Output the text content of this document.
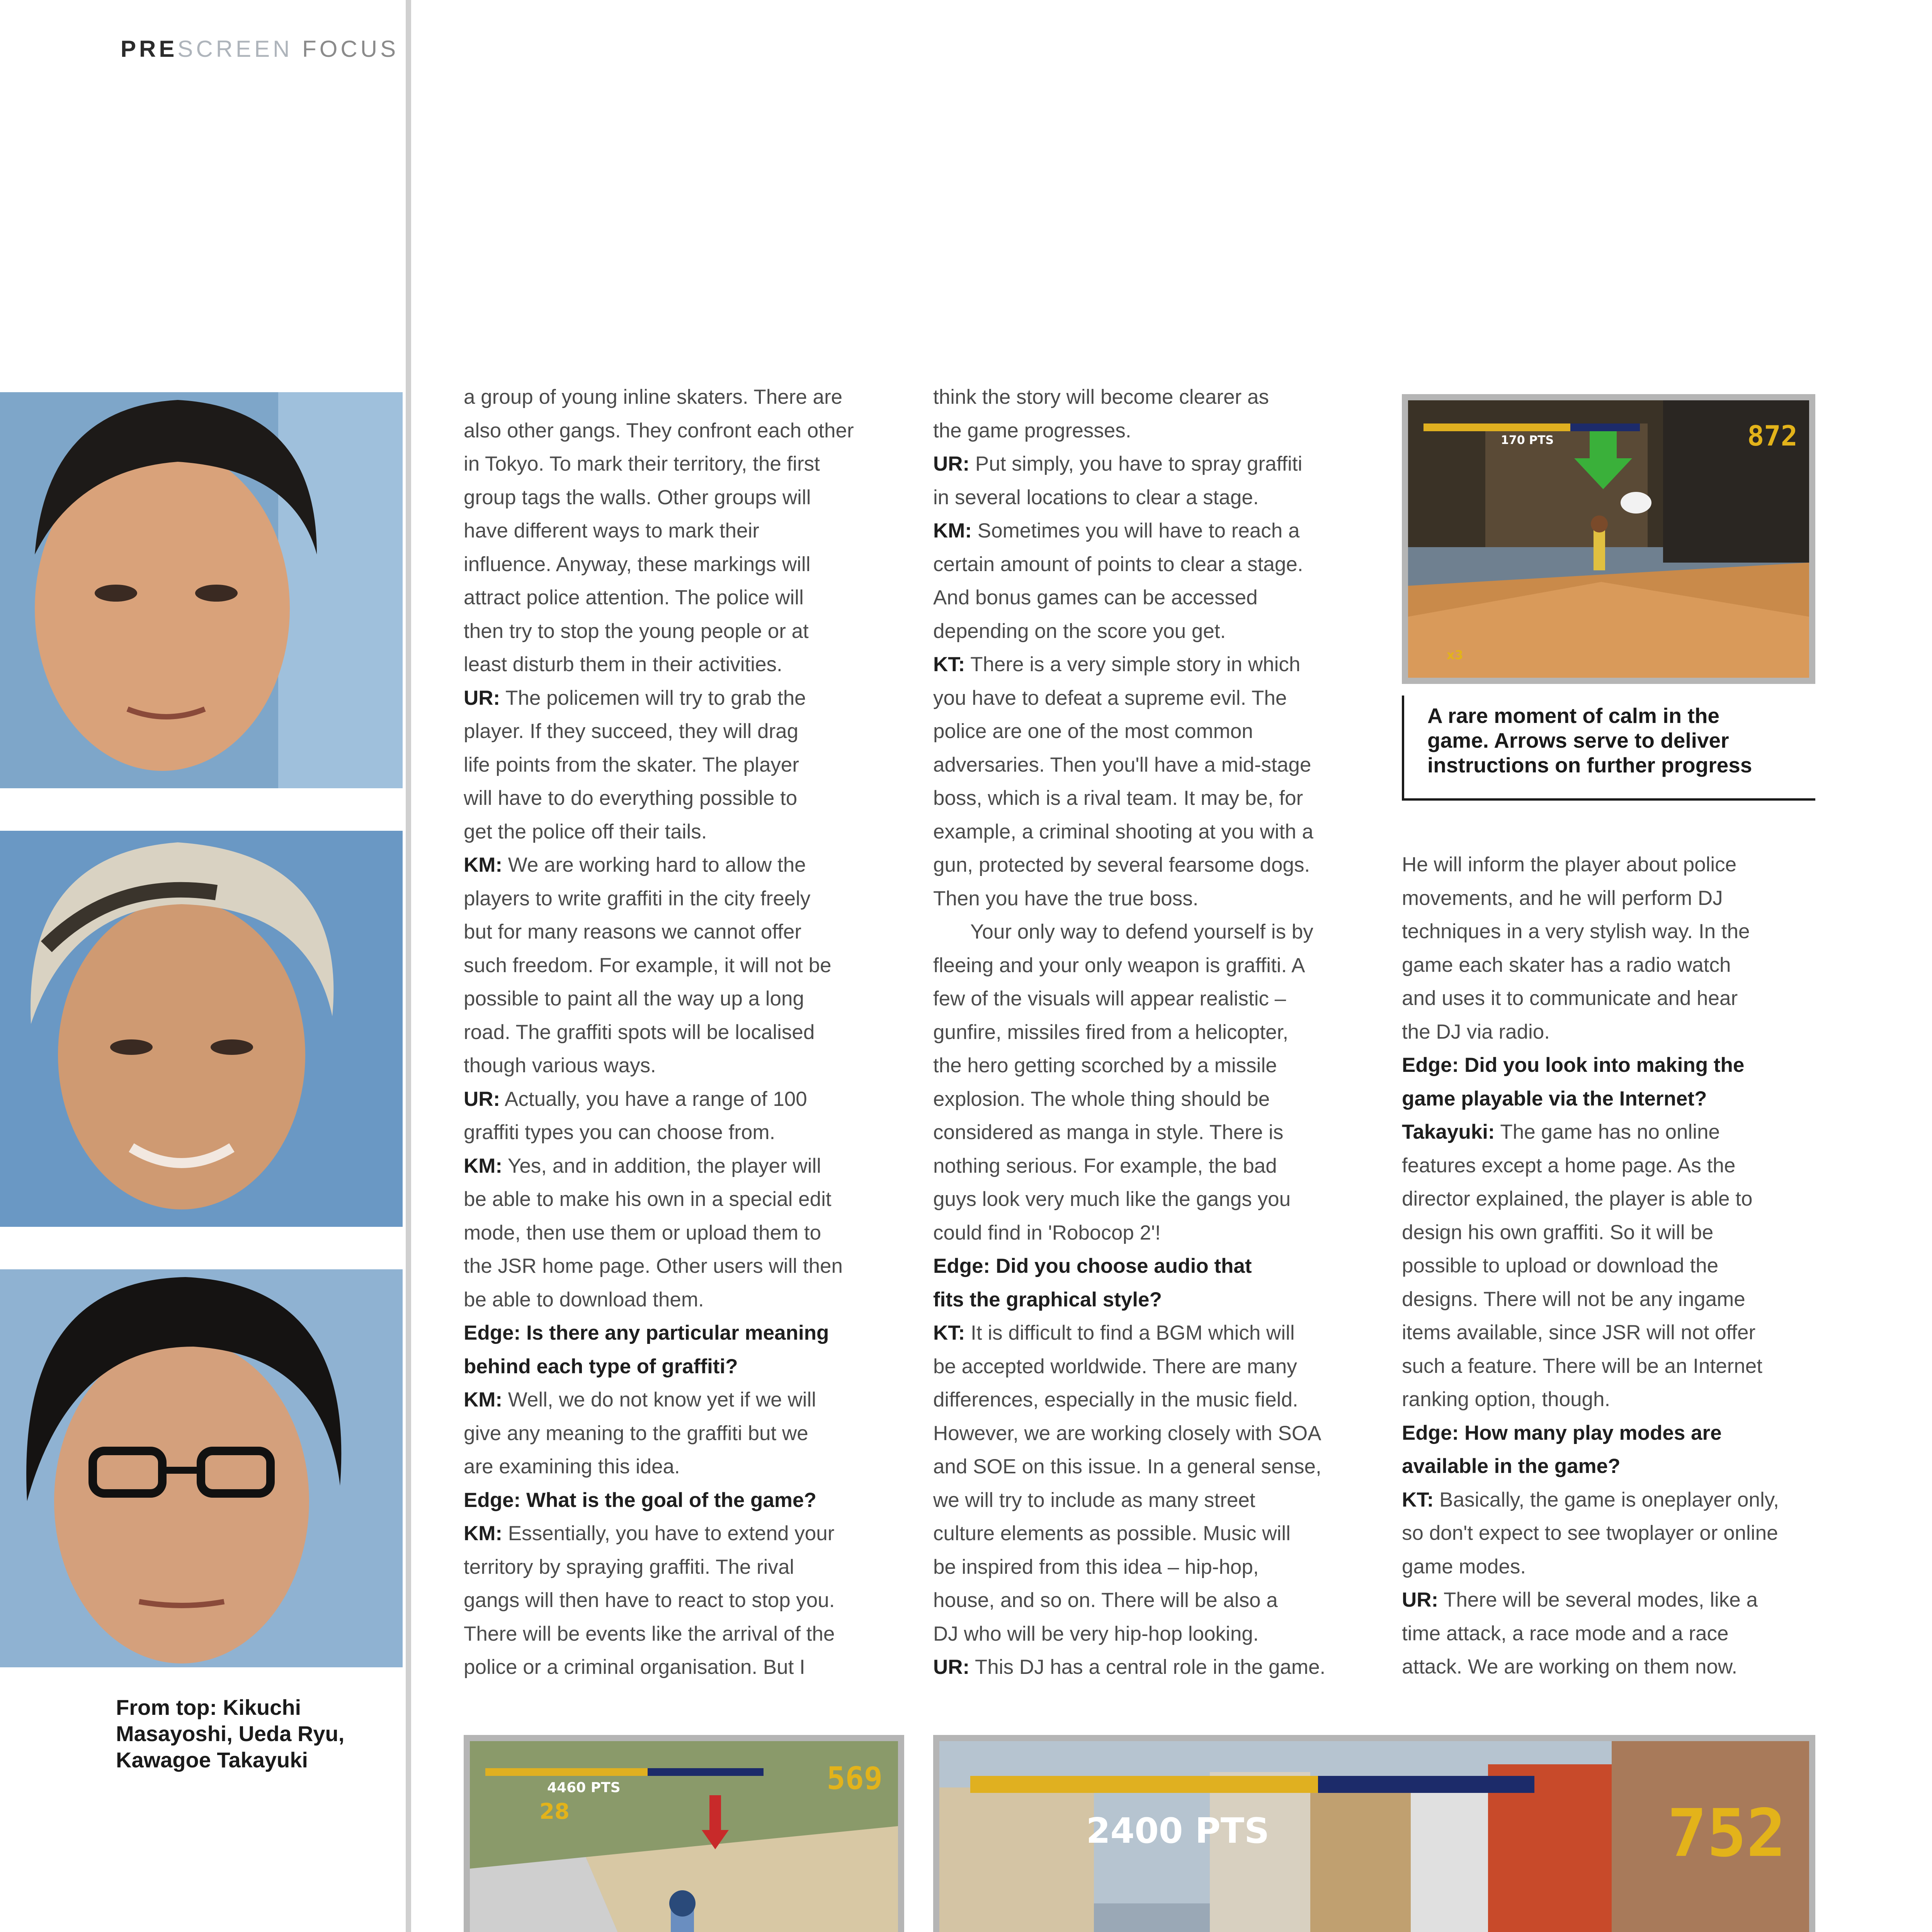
PRESCREEN FOCUS
From top: Kikuchi
Masayoshi, Ueda Ryu,
Kawagoe Takayuki

a group of young inline skaters. There are

also other gangs. They confront each other

in Tokyo. To mark their territory, the first

group tags the walls. Other groups will

have different ways to mark their

influence. Anyway, these markings will

attract police attention. The police will

then try to stop the young people or at

least disturb them in their activities.

UR: The policemen will try to grab the

player. If they succeed, they will drag

life points from the skater. The player

will have to do everything possible to

get the police off their tails.

KM: We are working hard to allow the

players to write graffiti in the city freely

but for many reasons we cannot offer

such freedom. For example, it will not be

possible to paint all the way up a long

road. The graffiti spots will be localised

though various ways.

UR: Actually, you have a range of 100

graffiti types you can choose from.

KM: Yes, and in addition, the player will

be able to make his own in a special edit

mode, then use them or upload them to

the JSR home page. Other users will then

be able to download them.

Edge: Is there any particular meaning

behind each type of graffiti?

KM: Well, we do not know yet if we will

give any meaning to the graffiti but we

are examining this idea.

Edge: What is the goal of the game?

KM: Essentially, you have to extend your

territory by spraying graffiti. The rival

gangs will then have to react to stop you.

There will be events like the arrival of the

police or a criminal organisation. But I

think the story will become clearer as

the game progresses.

UR: Put simply, you have to spray graffiti

in several locations to clear a stage.

KM: Sometimes you will have to reach a

certain amount of points to clear a stage.

And bonus games can be accessed

depending on the score you get.

KT: There is a very simple story in which

you have to defeat a supreme evil. The

police are one of the most common

adversaries. Then you'll have a mid-stage

boss, which is a rival team. It may be, for

example, a criminal shooting at you with a

gun, protected by several fearsome dogs.

Then you have the true boss.

Your only way to defend yourself is by

fleeing and your only weapon is graffiti. A

few of the visuals will appear realistic –

gunfire, missiles fired from a helicopter,

the hero getting scorched by a missile

explosion. The whole thing should be

considered as manga in style. There is

nothing serious. For example, the bad

guys look very much like the gangs you

could find in 'Robocop 2'!

Edge: Did you choose audio that

fits the graphical style?

KT: It is difficult to find a BGM which will

be accepted worldwide. There are many

differences, especially in the music field.

However, we are working closely with SOA

and SOE on this issue. In a general sense,

we will try to include as many street

culture elements as possible. Music will

be inspired from this idea – hip-hop,

house, and so on. There will be also a

DJ who will be very hip-hop looking.

UR: This DJ has a central role in the game.

He will inform the player about police

movements, and he will perform DJ

techniques in a very stylish way. In the

game each skater has a radio watch

and uses it to communicate and hear

the DJ via radio.

Edge: Did you look into making the

game playable via the Internet?

Takayuki: The game has no online

features except a home page. As the

director explained, the player is able to

design his own graffiti. So it will be

possible to upload or download the

designs. There will not be any ingame

items available, since JSR will not offer

such a feature. There will be an Internet

ranking option, though.

Edge: How many play modes are

available in the game?

KT: Basically, the game is oneplayer only,

so don't expect to see twoplayer or online

game modes.

UR: There will be several modes, like a

time attack, a race mode and a race

attack. We are working on them now.

872
170 PTS
x3
A rare moment of calm in the
game. Arrows serve to deliver
instructions on further progress
569
4460 PTS
28	752
2400 PTS
